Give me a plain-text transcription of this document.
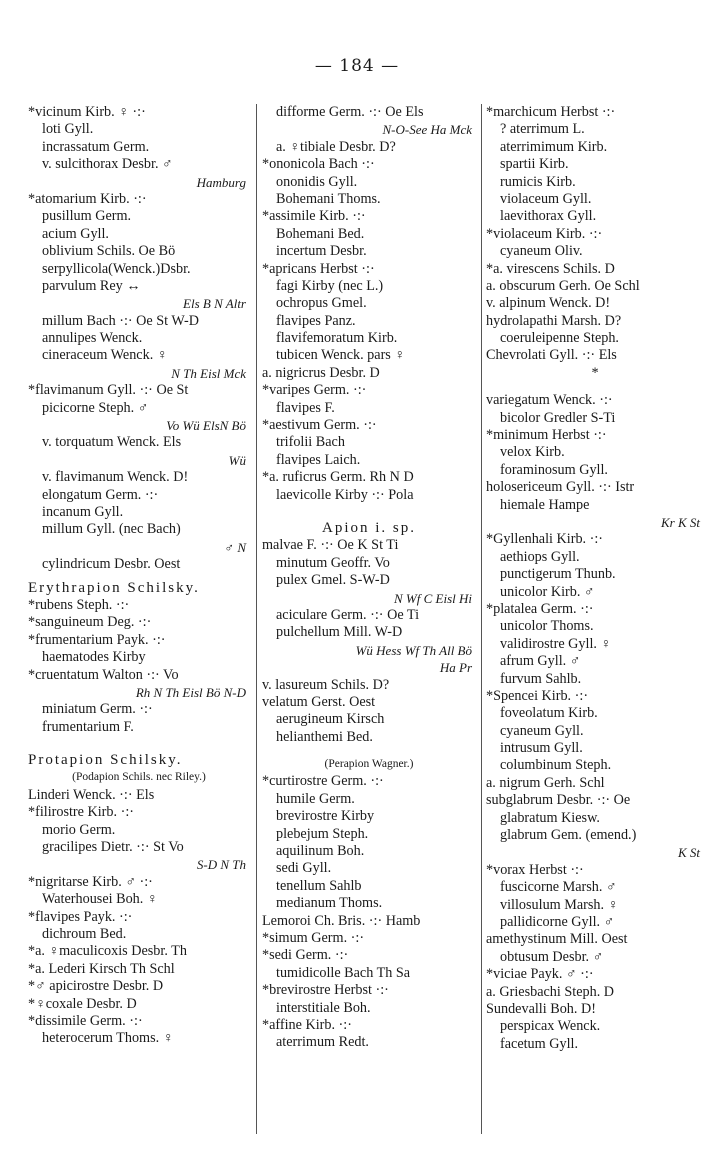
— 184 —
*vicinum Kirb. ♀ ·:·
loti Gyll.
incrassatum Germ.
v. sulcithorax Desbr. ♂
Hamburg
*atomarium Kirb. ·:·
pusillum Germ.
acium Gyll.
oblivium Schils. Oe Bö
serpyllicola(Wenck.)Dsbr.
parvulum Rey ↔
Els B N Altr
millum Bach ·:· Oe St W-D
annulipes Wenck.
cineraceum Wenck. ♀
N Th Eisl Mck
*flavimanum Gyll. ·:· Oe St
picicorne Steph. ♂
Vo Wü ElsN Bö
v. torquatum Wenck. Els
Wü
v. flavimanum Wenck. D!
elongatum Germ. ·:·
incanum Gyll.
millum Gyll. (nec Bach)
♂ N
cylindricum Desbr. Oest
Erythrapion Schilsky.
*rubens Steph. ·:·
*sanguineum Deg. ·:·
*frumentarium Payk. ·:·
haematodes Kirby
*cruentatum Walton ·:· Vo
Rh N Th Eisl Bö N-D
miniatum Germ. ·:·
frumentarium F.
Protapion Schilsky.
(Podapion Schils. nec Riley.)
Linderi Wenck. ·:· Els
*filirostre Kirb. ·:·
morio Germ.
gracilipes Dietr. ·:· St Vo
S-D N Th
*nigritarse Kirb. ♂ ·:·
Waterhousei Boh. ♀
*flavipes Payk. ·:·
dichroum Bed.
*a. ♀maculicoxis Desbr. Th
*a. Lederi Kirsch Th Schl
*♂ apicirostre Desbr. D
*♀coxale Desbr. D
*dissimile Germ. ·:·
heterocerum Thoms. ♀
difforme Germ. ·:· Oe Els
N-O-See Ha Mck
a. ♀tibiale Desbr. D?
*ononicola Bach ·:·
ononidis Gyll.
Bohemani Thoms.
*assimile Kirb. ·:·
Bohemani Bed.
incertum Desbr.
*apricans Herbst ·:·
fagi Kirby (nec L.)
ochropus Gmel.
flavipes Panz.
flavifemoratum Kirb.
tubicen Wenck. pars ♀
a. nigricrus Desbr. D
*varipes Germ. ·:·
flavipes F.
*aestivum Germ. ·:·
trifolii Bach
flavipes Laich.
*a. ruficrus Germ. Rh N D
laevicolle Kirby ·:· Pola
Apion i. sp.
malvae F. ·:· Oe K St Ti
minutum Geoffr. Vo
pulex Gmel. S-W-D
N Wf C Eisl Hi
aciculare Germ. ·:· Oe Ti
pulchellum Mill. W-D
Wü Hess Wf Th All Bö
Ha Pr
v. lasureum Schils. D?
velatum Gerst. Oest
aerugineum Kirsch
helianthemi Bed.
(Perapion Wagner.)
*curtirostre Germ. ·:·
humile Germ.
brevirostre Kirby
plebejum Steph.
aquilinum Boh.
sedi Gyll.
tenellum Sahlb
medianum Thoms.
Lemoroi Ch. Bris. ·:· Hamb
*simum Germ. ·:·
*sedi Germ. ·:·
tumidicolle Bach Th Sa
*brevirostre Herbst ·:·
interstitiale Boh.
*affine Kirb. ·:·
aterrimum Redt.
*marchicum Herbst ·:·
? aterrimum L.
aterrimimum Kirb.
spartii Kirb.
rumicis Kirb.
violaceum Gyll.
laevithorax Gyll.
*violaceum Kirb. ·:·
cyaneum Oliv.
*a. virescens Schils. D
a. obscurum Gerh. Oe Schl
v. alpinum Wenck. D!
hydrolapathi Marsh. D?
coeruleipenne Steph.
Chevrolati Gyll. ·:· Els
*
variegatum Wenck. ·:·
bicolor Gredler S-Ti
*minimum Herbst ·:·
velox Kirb.
foraminosum Gyll.
holosericeum Gyll. ·:· Istr
hiemale Hampe
Kr K St
*Gyllenhali Kirb. ·:·
aethiops Gyll.
punctigerum Thunb.
unicolor Kirb. ♂
*platalea Germ. ·:·
unicolor Thoms.
validirostre Gyll. ♀
afrum Gyll. ♂
furvum Sahlb.
*Spencei Kirb. ·:·
foveolatum Kirb.
cyaneum Gyll.
intrusum Gyll.
columbinum Steph.
a. nigrum Gerh. Schl
subglabrum Desbr. ·:· Oe
glabratum Kiesw.
glabrum Gem. (emend.)
K St
*vorax Herbst ·:·
fuscicorne Marsh. ♂
villosulum Marsh. ♀
pallidicorne Gyll. ♂
amethystinum Mill. Oest
obtusum Desbr. ♂
*viciae Payk. ♂ ·:·
a. Griesbachi Steph. D
Sundevalli Boh. D!
perspicax Wenck.
facetum Gyll.
